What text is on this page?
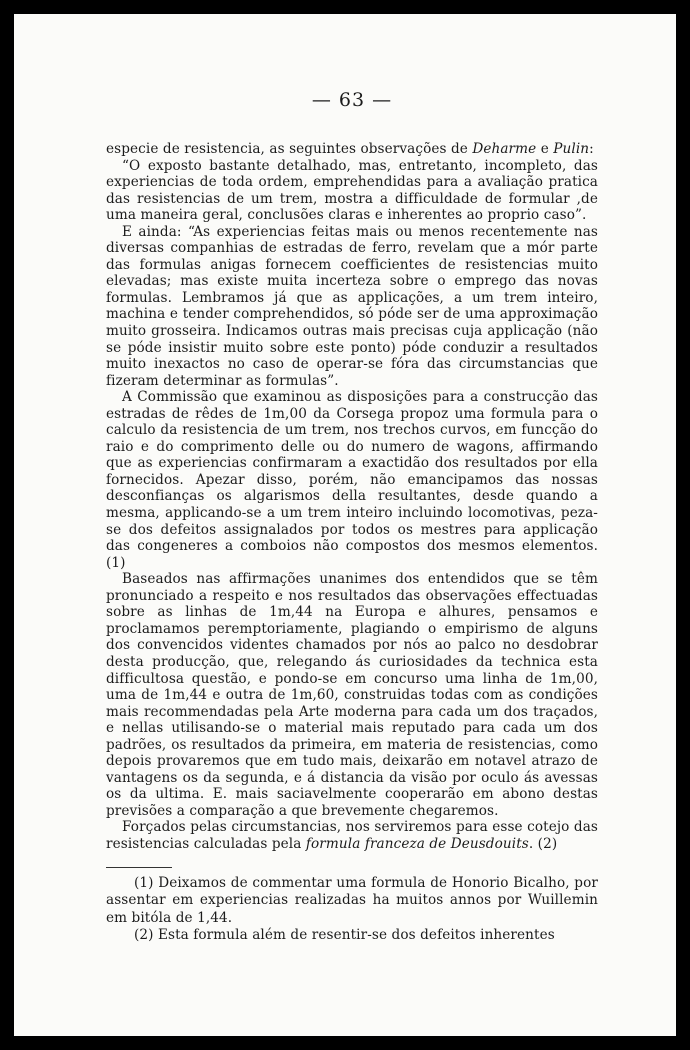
— 63 —

especie de resistencia, as seguintes observações de Deharme e Pulin:

“O exposto bastante detalhado, mas, entretanto, incompleto, das experiencias de toda ordem, emprehendidas para a avaliação pratica das resistencias de um trem, mostra a difficuldade de formular ,de uma maneira geral, conclusões claras e inherentes ao proprio caso”.

E ainda: “As experiencias feitas mais ou menos recentemente nas diversas companhias de estradas de ferro, revelam que a mór parte das formulas anigas fornecem coefficientes de resistencias muito elevadas; mas existe muita incerteza sobre o emprego das novas formulas. Lembramos já que as applicações, a um trem inteiro, machina e tender comprehendidos, só póde ser de uma approximação muito grosseira. Indicamos outras mais precisas cuja applicação (não se póde insistir muito sobre este ponto) póde conduzir a resultados muito inexactos no caso de operar-se fóra das circumstancias que fizeram determinar as formulas”.

A Commissão que examinou as disposições para a construcção das estradas de rêdes de 1m,00 da Corsega propoz uma formula para o calculo da resistencia de um trem, nos trechos curvos, em funcção do raio e do comprimento delle ou do numero de wagons, affirmando que as experiencias confirmaram a exactidão dos resultados por ella fornecidos. Apezar disso, porém, não emancipamos das nossas desconfianças os algarismos della resultantes, desde quando a mesma, applicando-se a um trem inteiro incluindo locomotivas, peza-se dos defeitos assignalados por todos os mestres para applicação das congeneres a comboios não compostos dos mesmos elementos. (1)

Baseados nas affirmações unanimes dos entendidos que se têm pronunciado a respeito e nos resultados das observações effectuadas sobre as linhas de 1m,44 na Europa e alhures, pensamos e proclamamos peremptoriamente, plagiando o empirismo de alguns dos convencidos videntes chamados por nós ao palco no desdobrar desta producção, que, relegando ás curiosidades da technica esta difficultosa questão, e pondo-se em concurso uma linha de 1m,00, uma de 1m,44 e outra de 1m,60, construidas todas com as condições mais recommendadas pela Arte moderna para cada um dos traçados, e nellas utilisando-se o material mais reputado para cada um dos padrões, os resultados da primeira, em materia de resistencias, como depois provaremos que em tudo mais, deixarão em notavel atrazo de vantagens os da segunda, e á distancia da visão por oculo ás avessas os da ultima. E. mais saciavelmente cooperarão em abono destas previsões a comparação a que brevemente chegaremos.

Forçados pelas circumstancias, nos serviremos para esse cotejo das resistencias calculadas pela formula franceza de Deusdouits. (2)

(1) Deixamos de commentar uma formula de Honorio Bicalho, por assentar em experiencias realizadas ha muitos annos por Wuillemin em bitóla de 1,44.

(2) Esta formula além de resentir-se dos defeitos inherentes
